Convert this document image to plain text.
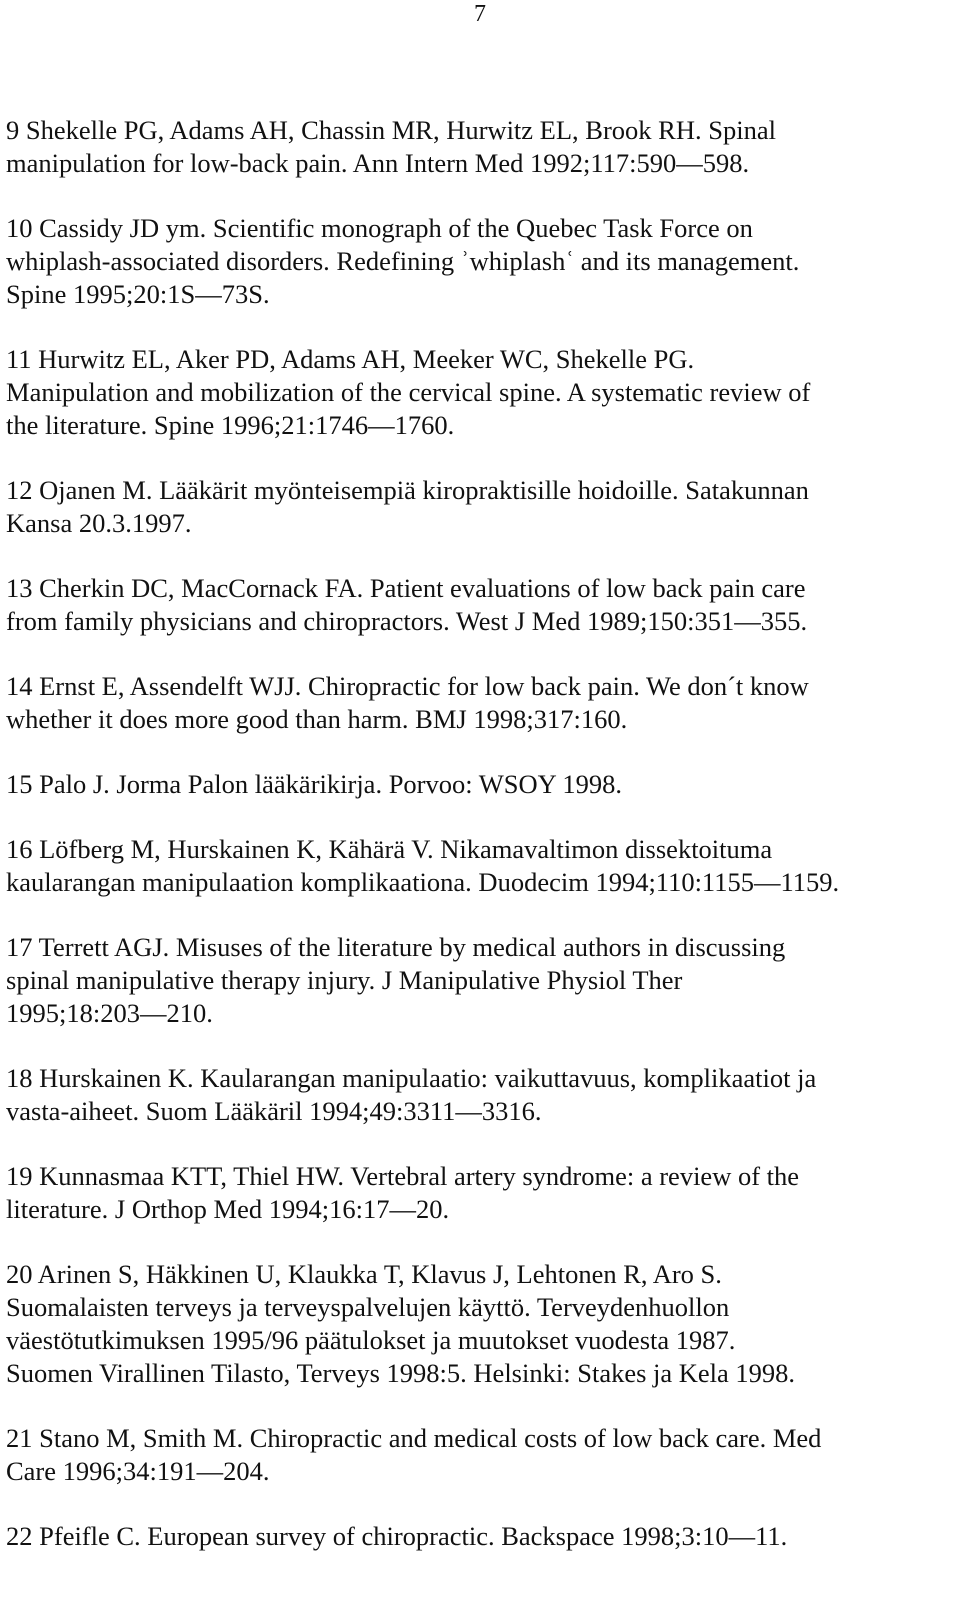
7
9 Shekelle PG, Adams AH, Chassin MR, Hurwitz EL, Brook RH. Spinal
manipulation for low-back pain. Ann Intern Med 1992;117:590—598.
10 Cassidy JD ym. Scientific monograph of the Quebec Task Force on
whiplash-associated disorders. Redefining ʾwhiplashʿ and its management.
Spine 1995;20:1S—73S.
11 Hurwitz EL, Aker PD, Adams AH, Meeker WC, Shekelle PG.
Manipulation and mobilization of the cervical spine. A systematic review of
the literature. Spine 1996;21:1746—1760.
12 Ojanen M. Lääkärit myönteisempiä kiropraktisille hoidoille. Satakunnan
Kansa 20.3.1997.
13 Cherkin DC, MacCornack FA. Patient evaluations of low back pain care
from family physicians and chiropractors. West J Med 1989;150:351—355.
14 Ernst E, Assendelft WJJ. Chiropractic for low back pain. We don´t know
whether it does more good than harm. BMJ 1998;317:160.
15 Palo J. Jorma Palon lääkärikirja. Porvoo: WSOY 1998.
16 Löfberg M, Hurskainen K, Kähärä V. Nikamavaltimon dissektoituma
kaularangan manipulaation komplikaationa. Duodecim 1994;110:1155—1159.
17 Terrett AGJ. Misuses of the literature by medical authors in discussing
spinal manipulative therapy injury. J Manipulative Physiol Ther
1995;18:203—210.
18 Hurskainen K. Kaularangan manipulaatio: vaikuttavuus, komplikaatiot ja
vasta-aiheet. Suom Lääkäril 1994;49:3311—3316.
19 Kunnasmaa KTT, Thiel HW. Vertebral artery syndrome: a review of the
literature. J Orthop Med 1994;16:17—20.
20 Arinen S, Häkkinen U, Klaukka T, Klavus J, Lehtonen R, Aro S.
Suomalaisten terveys ja terveyspalvelujen käyttö. Terveydenhuollon
väestötutkimuksen 1995/96 päätulokset ja muutokset vuodesta 1987.
Suomen Virallinen Tilasto, Terveys 1998:5. Helsinki: Stakes ja Kela 1998.
21 Stano M, Smith M. Chiropractic and medical costs of low back care. Med
Care 1996;34:191—204.
22 Pfeifle C. European survey of chiropractic. Backspace 1998;3:10—11.
